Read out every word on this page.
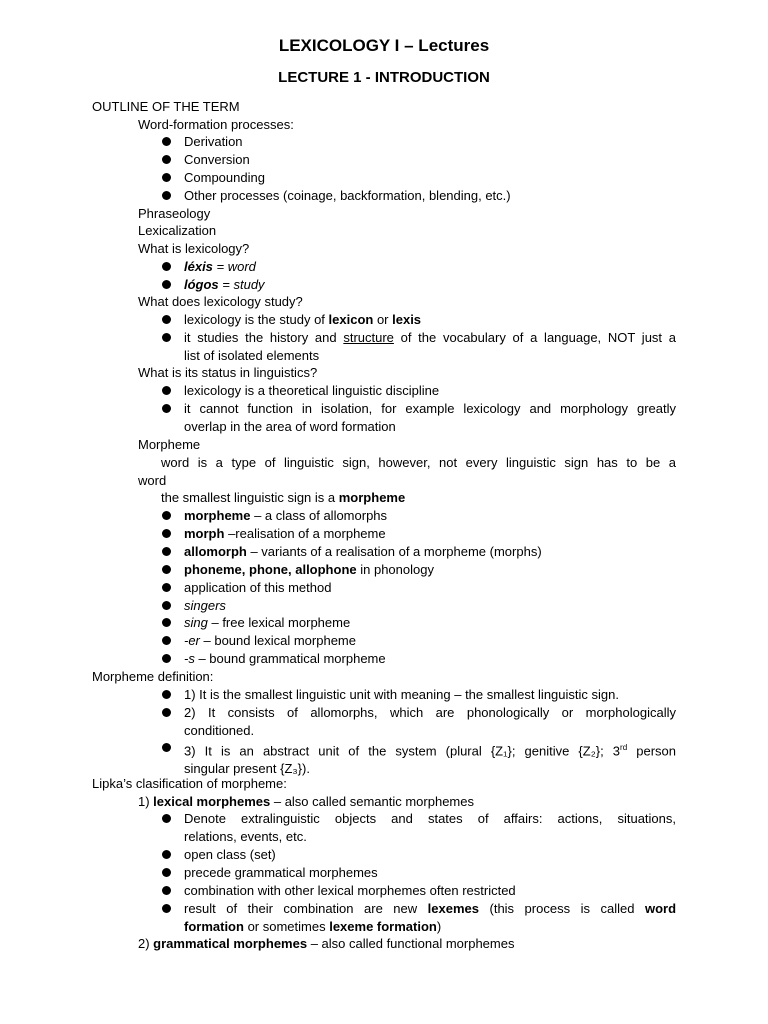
LEXICOLOGY I – Lectures
LECTURE 1 - INTRODUCTION
OUTLINE OF THE TERM
Word-formation processes:
Derivation
Conversion
Compounding
Other processes (coinage, backformation, blending, etc.)
Phraseology
Lexicalization
What is lexicology?
léxis = word
lógos = study
What does lexicology study?
lexicology is the study of lexicon or lexis

it studies the history and structure of the vocabulary of a language, NOT just a

list of isolated elements

What is its status in linguistics?
lexicology is a theoretical linguistic discipline

it cannot function in isolation, for example lexicology and morphology greatly

overlap in the area of word formation

Morpheme

word is a type of linguistic sign, however, not every linguistic sign has to be a

word

the smallest linguistic sign is a morpheme
morpheme – a class of allomorphs
morph –realisation of a morpheme
allomorph – variants of a realisation of a morpheme (morphs)
phoneme, phone, allophone in phonology
application of this method
singers
sing – free lexical morpheme
-er – bound lexical morpheme
-s – bound grammatical morpheme
Morpheme definition:
1) It is the smallest linguistic unit with meaning – the smallest linguistic sign.

2) It consists of allomorphs, which are phonologically or morphologically

conditioned.

3) It is an abstract unit of the system (plural {Z₁}; genitive {Z₂}; 3rd person

singular present {Z₃}).

Lipka’s clasification of morpheme:
1) lexical morphemes – also called semantic morphemes

Denote extralinguistic objects and states of affairs: actions, situations,

relations, events, etc.

open class (set)
precede grammatical morphemes
combination with other lexical morphemes often restricted

result of their combination are new lexemes (this process is called word

formation or sometimes lexeme formation)

2) grammatical morphemes – also called functional morphemes
